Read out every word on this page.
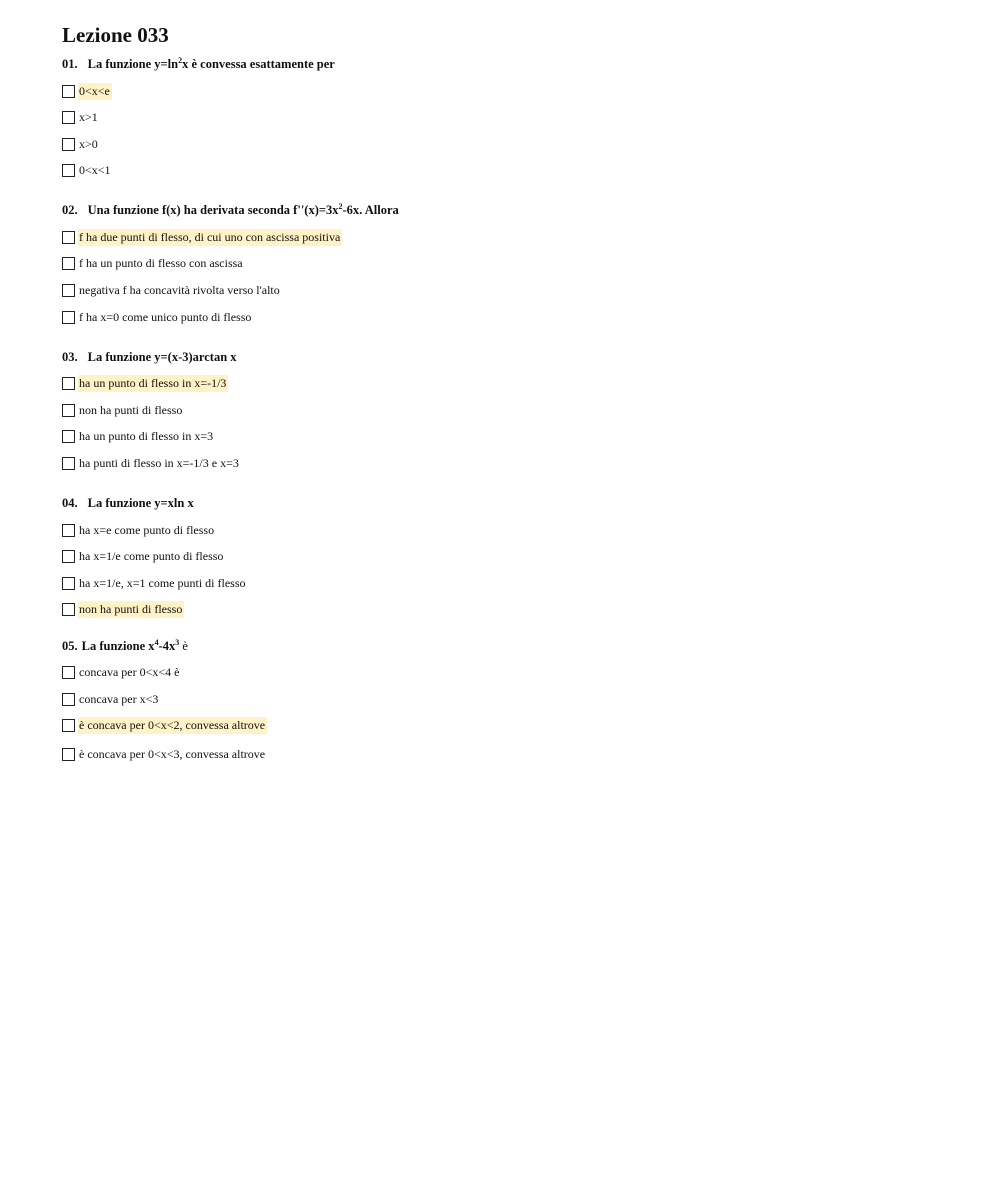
Lezione 033
01. La funzione $y=\ln^2x$ è convessa esattamente per
0<x<e
x>1
x>0
0<x<1
02. Una funzione f(x) ha derivata seconda $f''(x)=3x^2-6x$. Allora
f ha due punti di flesso, di cui uno con ascissa positiva
f ha un punto di flesso con ascissa
negativa f ha concavità rivolta verso l'alto
f ha x=0 come unico punto di flesso
03. La funzione y=(x-3)arctan x
ha un punto di flesso in x=-1/3
non ha punti di flesso
ha un punto di flesso in x=3
ha punti di flesso in x=-1/3 e x=3
04. La funzione y=xln x
ha x=e come punto di flesso
ha x=1/e come punto di flesso
ha x=1/e, x=1 come punti di flesso
non ha punti di flesso
05. La funzione $x^4-4x^3$ è
concava per 0<x<4 è
concava per x<3
è concava per 0<x<2, convessa altrove
è concava per 0<x<3, convessa altrove
